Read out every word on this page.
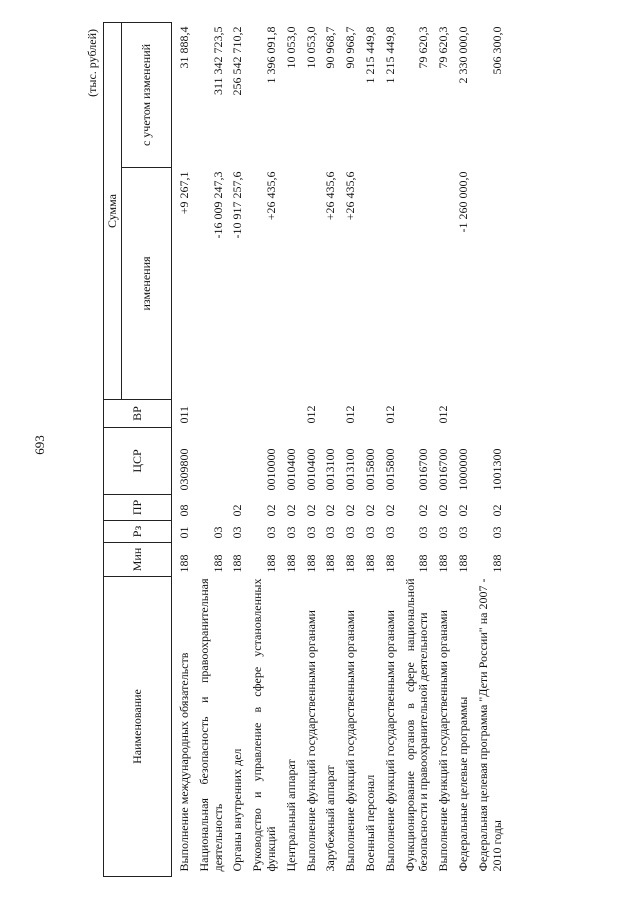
693
(тыс. рублей)
Наименование	Мин	Рз	ПР	ЦСР	ВР	Сумма	
						изменения	с учетом изменений
Выполнение международных обязательств	188	01	08	0309800	011	+9 267,1	31 888,4
Национальная безопасность и правоохранительная деятельность	188	03				-16 009 247,3	311 342 723,5
Органы внутренних дел	188	03	02			-10 917 257,6	256 542 710,2
Руководство и управление в сфере установленных функций	188	03	02	0010000		+26 435,6	1 396 091,8
Центральный аппарат	188	03	02	0010400			10 053,0
Выполнение функций государственными органами	188	03	02	0010400	012		10 053,0
Зарубежный аппарат	188	03	02	0013100		+26 435,6	90 968,7
Выполнение функций государственными органами	188	03	02	0013100	012	+26 435,6	90 968,7
Военный персонал	188	03	02	0015800			1 215 449,8
Выполнение функций государственными органами	188	03	02	0015800	012		1 215 449,8
Функционирование органов в сфере национальной безопасности и правоохранительной деятельности	188	03	02	0016700			79 620,3
Выполнение функций государственными органами	188	03	02	0016700	012		79 620,3
Федеральные целевые программы	188	03	02	1000000		-1 260 000,0	2 330 000,0
Федеральная целевая программа "Дети России" на 2007 - 2010 годы	188	03	02	1001300			506 300,0
